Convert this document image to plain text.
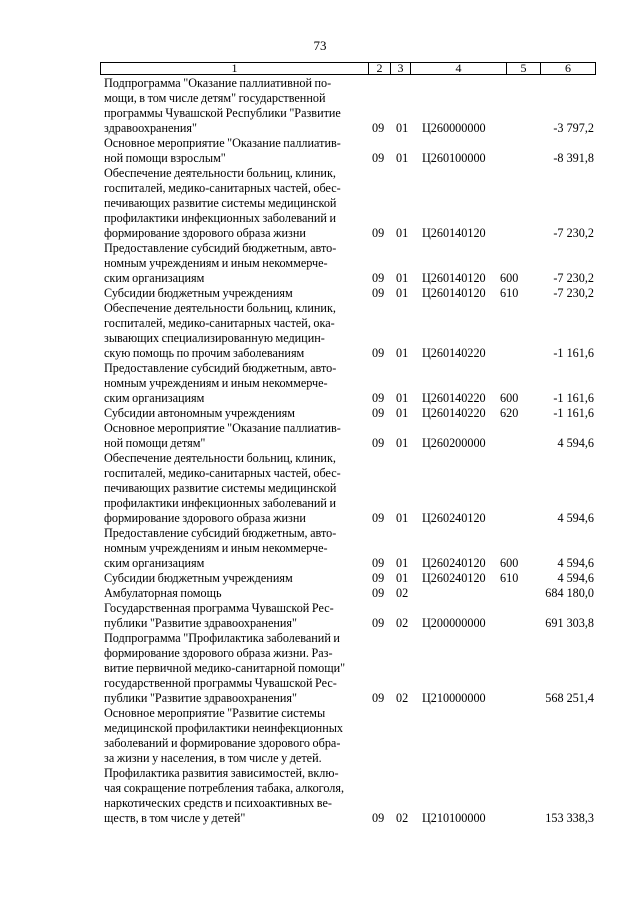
73
1	2	3	4	5	6
Подпрограмма "Оказание паллиативной по-
мощи, в том числе детям" государственной
программы Чувашской Республики "Развитие
здравоохранения"	09 01 Ц260000000	-3 797,2
Основное мероприятие "Оказание паллиатив-
ной помощи взрослым"	09 01 Ц260100000	-8 391,8
Обеспечение деятельности больниц, клиник,
госпиталей, медико-санитарных частей, обес-
печивающих развитие системы медицинской
профилактики инфекционных заболеваний и
формирование здорового образа жизни	09 01 Ц260140120	-7 230,2
Предоставление субсидий бюджетным, авто-
номным учреждениям и иным некоммерче-
ским организациям	09 01 Ц260140120 600	-7 230,2
Субсидии бюджетным учреждениям	09 01 Ц260140120 610	-7 230,2
Обеспечение деятельности больниц, клиник,
госпиталей, медико-санитарных частей, ока-
зывающих специализированную медицин-
скую помощь по прочим заболеваниям	09 01 Ц260140220	-1 161,6
Предоставление субсидий бюджетным, авто-
номным учреждениям и иным некоммерче-
ским организациям	09 01 Ц260140220 600	-1 161,6
Субсидии автономным учреждениям	09 01 Ц260140220 620	-1 161,6
Основное мероприятие "Оказание паллиатив-
ной помощи детям"	09 01 Ц260200000	4 594,6
Обеспечение деятельности больниц, клиник,
госпиталей, медико-санитарных частей, обес-
печивающих развитие системы медицинской
профилактики инфекционных заболеваний и
формирование здорового образа жизни	09 01 Ц260240120	4 594,6
Предоставление субсидий бюджетным, авто-
номным учреждениям и иным некоммерче-
ским организациям	09 01 Ц260240120 600	4 594,6
Субсидии бюджетным учреждениям	09 01 Ц260240120 610	4 594,6
Амбулаторная помощь	09 02	684 180,0
Государственная программа Чувашской Рес-
публики "Развитие здравоохранения"	09 02 Ц200000000	691 303,8
Подпрограмма "Профилактика заболеваний и
формирование здорового образа жизни. Раз-
витие первичной медико-санитарной помощи"
государственной программы Чувашской Рес-
публики "Развитие здравоохранения"	09 02 Ц210000000	568 251,4
Основное мероприятие "Развитие системы
медицинской профилактики неинфекционных
заболеваний и формирование здорового обра-
за жизни у населения, в том числе у детей.
Профилактика развития зависимостей, вклю-
чая сокращение потребления табака, алкоголя,
наркотических средств и психоактивных ве-
ществ, в том числе у детей"	09 02 Ц210100000	153 338,3
